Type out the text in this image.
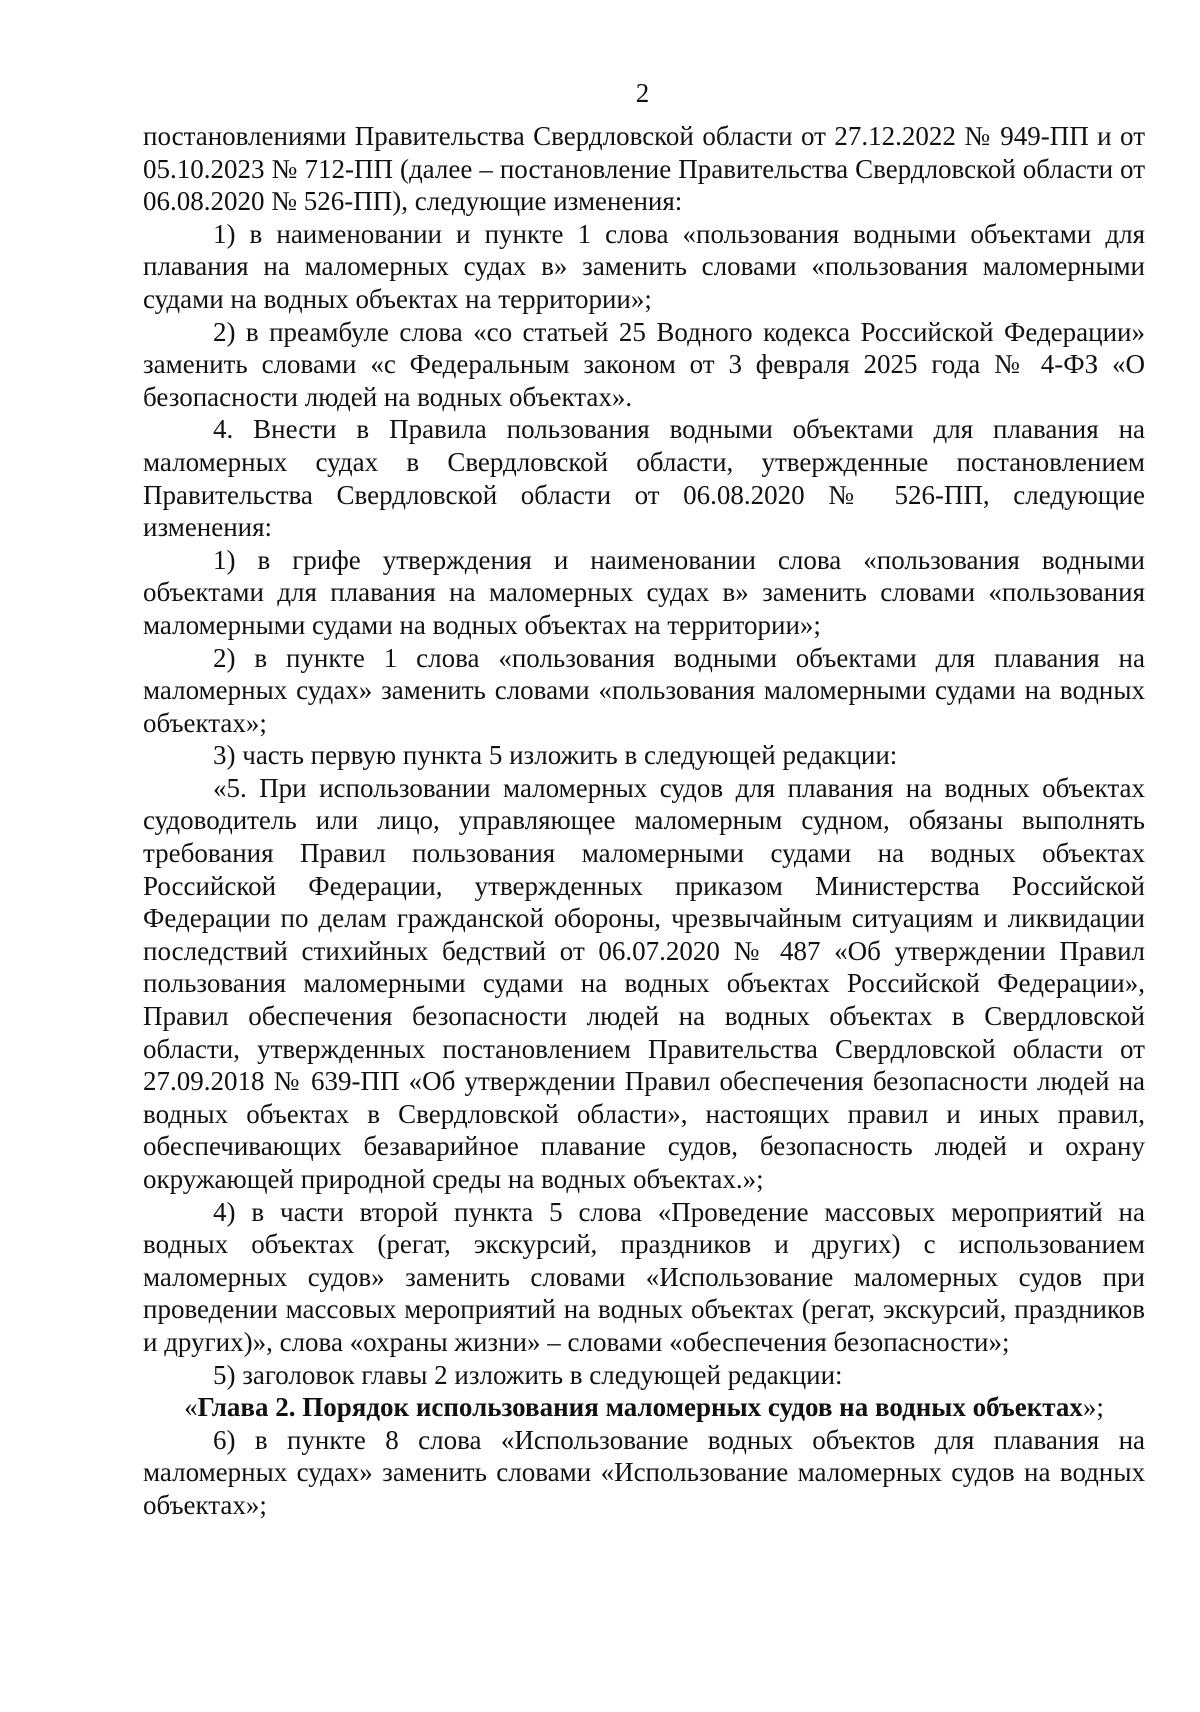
2

постановлениями Правительства Свердловской области от 27.12.2022 № 949-ПП и от 05.10.2023 № 712-ПП (далее – постановление Правительства Свердловской области от 06.08.2020 № 526-ПП), следующие изменения:

1) в наименовании и пункте 1 слова «пользования водными объектами для плавания на маломерных судах в» заменить словами «пользования маломерными судами на водных объектах на территории»;

2) в преамбуле слова «со статьей 25 Водного кодекса Российской Федерации» заменить словами «с Федеральным законом от 3 февраля 2025 года № 4-ФЗ «О безопасности людей на водных объектах».

4. Внести в Правила пользования водными объектами для плавания на маломерных судах в Свердловской области, утвержденные постановлением Правительства Свердловской области от 06.08.2020 № 526-ПП, следующие изменения:

1) в грифе утверждения и наименовании слова «пользования водными объектами для плавания на маломерных судах в» заменить словами «пользования маломерными судами на водных объектах на территории»;

2) в пункте 1 слова «пользования водными объектами для плавания на маломерных судах» заменить словами «пользования маломерными судами на водных объектах»;

3) часть первую пункта 5 изложить в следующей редакции:

«5. При использовании маломерных судов для плавания на водных объектах судоводитель или лицо, управляющее маломерным судном, обязаны выполнять требования Правил пользования маломерными судами на водных объектах Российской Федерации, утвержденных приказом Министерства Российской Федерации по делам гражданской обороны, чрезвычайным ситуациям и ликвидации последствий стихийных бедствий от 06.07.2020 № 487 «Об утверждении Правил пользования маломерными судами на водных объектах Российской Федерации», Правил обеспечения безопасности людей на водных объектах в Свердловской области, утвержденных постановлением Правительства Свердловской области от 27.09.2018 № 639-ПП «Об утверждении Правил обеспечения безопасности людей на водных объектах в Свердловской области», настоящих правил и иных правил, обеспечивающих безаварийное плавание судов, безопасность людей и охрану окружающей природной среды на водных объектах.»;

4) в части второй пункта 5 слова «Проведение массовых мероприятий на водных объектах (регат, экскурсий, праздников и других) с использованием маломерных судов» заменить словами «Использование маломерных судов при проведении массовых мероприятий на водных объектах (регат, экскурсий, праздников и других)», слова «охраны жизни» – словами «обеспечения безопасности»;

5) заголовок главы 2 изложить в следующей редакции:

«Глава 2. Порядок использования маломерных судов на водных объектах»;

6) в пункте 8 слова «Использование водных объектов для плавания на маломерных судах» заменить словами «Использование маломерных судов на водных объектах»;
